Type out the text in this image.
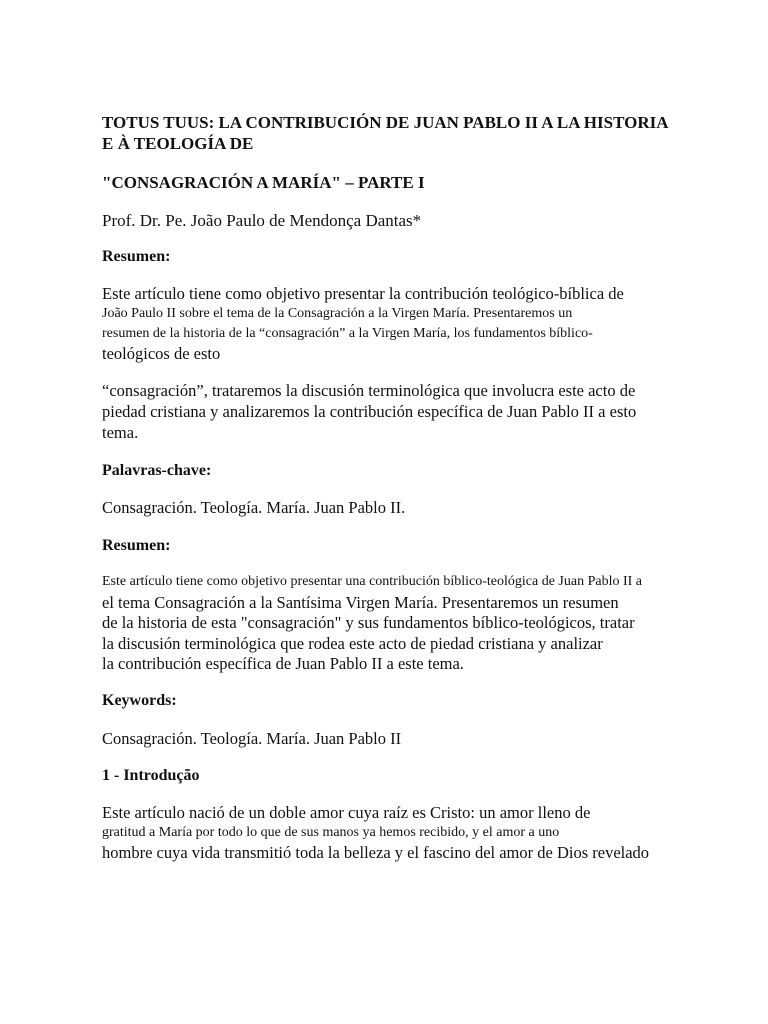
TOTUS TUUS: LA CONTRIBUCIÓN DE JUAN PABLO II A LA HISTORIA
E À TEOLOGÍA DE

"CONSAGRACIÓN A MARÍA" – PARTE I

Prof. Dr. Pe. João Paulo de Mendonça Dantas*

Resumen:

Este artículo tiene como objetivo presentar la contribución teológico-bíblica de
João Paulo II sobre el tema de la Consagración a la Virgen María. Presentaremos un
resumen de la historia de la “consagración” a la Virgen María, los fundamentos bíblico-
teológicos de esto
“consagración”, trataremos la discusión terminológica que involucra este acto de
piedad cristiana y analizaremos la contribución específica de Juan Pablo II a esto
tema.

Palavras-chave:

Consagración. Teología. María. Juan Pablo II.

Resumen:

Este artículo tiene como objetivo presentar una contribución bíblico-teológica de Juan Pablo II a
el tema Consagración a la Santísima Virgen María. Presentaremos un resumen
de la historia de esta "consagración" y sus fundamentos bíblico-teológicos, tratar
la discusión terminológica que rodea este acto de piedad cristiana y analizar
la contribución específica de Juan Pablo II a este tema.

Keywords:

Consagración. Teología. María. Juan Pablo II

1 - Introdução

Este artículo nació de un doble amor cuya raíz es Cristo: un amor lleno de
gratitud a María por todo lo que de sus manos ya hemos recibido, y el amor a uno
hombre cuya vida transmitió toda la belleza y el fascino del amor de Dios revelado
